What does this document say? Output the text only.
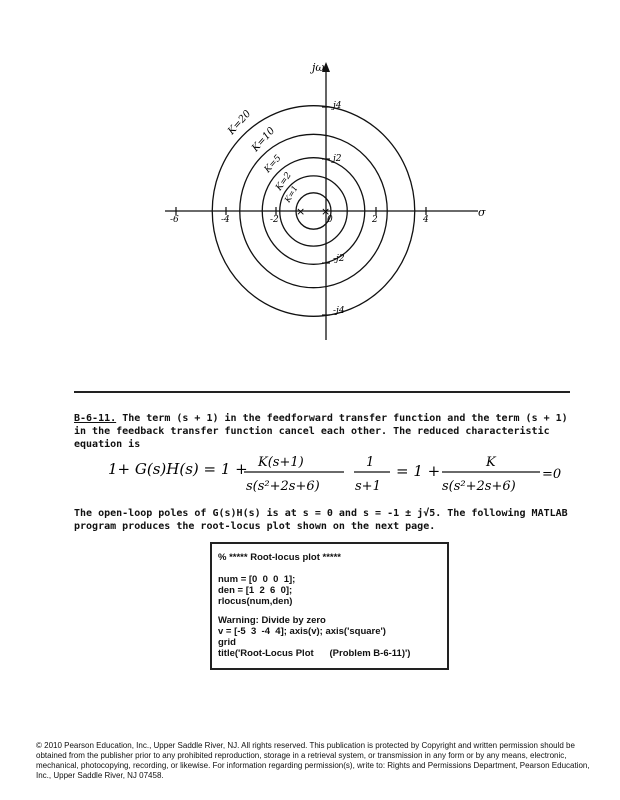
jω
σ
-6	-4	-2	0	2	4
j4
j2
-j2
-j4
K=20
K=10
K=5
K=2
K=1
× ×
B-6-11. The term (s + 1) in the feedforward transfer function and the term (s + 1) in the feedback transfer function cancel each other. The reduced characteristic equation is
1+ G(s)H(s) = 1 + K(s+1)
s(s²+2s+6)
1
s+1
= 1 +	K
s(s²+2s+6)
=0
The open-loop poles of G(s)H(s) is at s = 0 and s = -1 ± j√5. The following MATLAB program produces the root-locus plot shown on the next page.
% ***** Root-locus plot *****
num = [0  0  0  1];
den = [1  2  6  0];
rlocus(num,den)
Warning: Divide by zero
v = [-5  3  -4  4]; axis(v); axis('square')
grid
title('Root-Locus Plot      (Problem B-6-11)')
© 2010 Pearson Education, Inc., Upper Saddle River, NJ. All rights reserved. This publication is protected by Copyright and written permission should be obtained from the publisher prior to any prohibited reproduction, storage in a retrieval system, or transmission in any form or by any means, electronic, mechanical, photocopying, recording, or likewise. For information regarding permission(s), write to: Rights and Permissions Department, Pearson Education, Inc., Upper Saddle River, NJ 07458.
